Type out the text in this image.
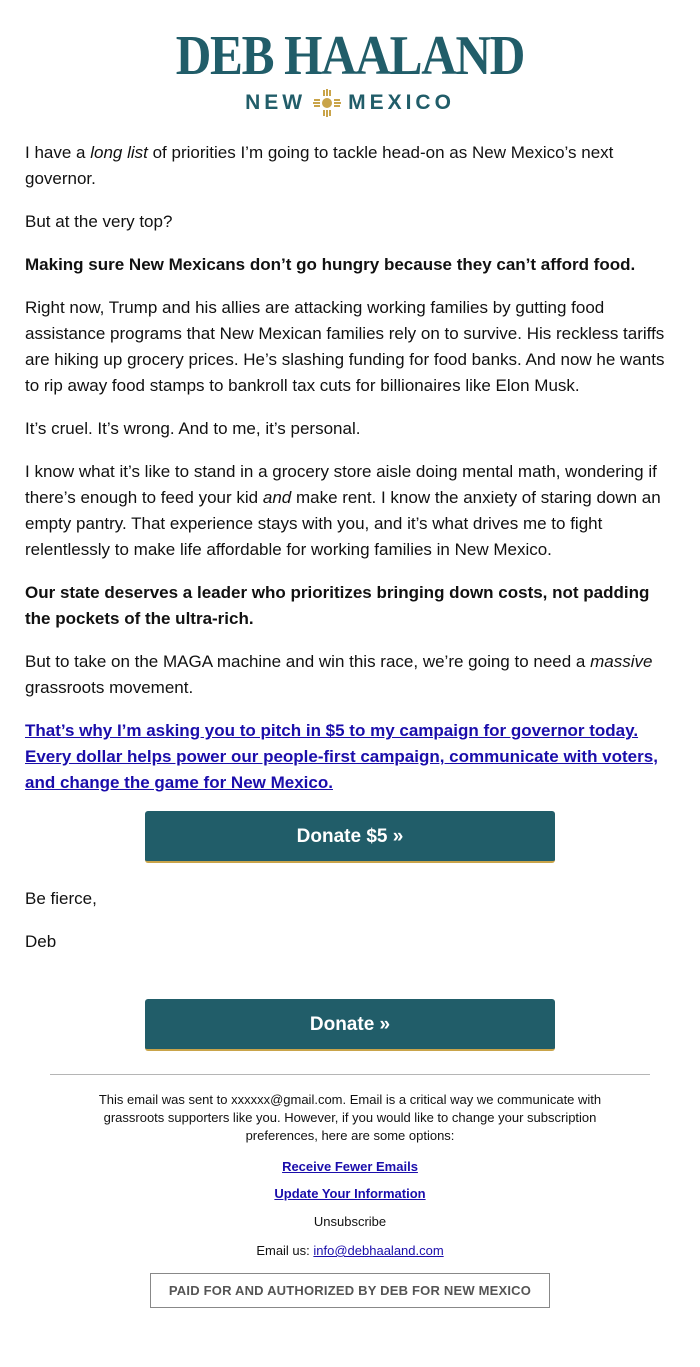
DEB HAALAND
NEW MEXICO

I have a long list of priorities I’m going to tackle head-on as New Mexico’s next governor.

But at the very top?

Making sure New Mexicans don’t go hungry because they can’t afford food.

Right now, Trump and his allies are attacking working families by gutting food assistance programs that New Mexican families rely on to survive. His reckless tariffs are hiking up grocery prices. He’s slashing funding for food banks. And now he wants to rip away food stamps to bankroll tax cuts for billionaires like Elon Musk.

It’s cruel. It’s wrong. And to me, it’s personal.

I know what it’s like to stand in a grocery store aisle doing mental math, wondering if there’s enough to feed your kid and make rent. I know the anxiety of staring down an empty pantry. That experience stays with you, and it’s what drives me to fight relentlessly to make life affordable for working families in New Mexico.

Our state deserves a leader who prioritizes bringing down costs, not padding the pockets of the ultra-rich.

But to take on the MAGA machine and win this race, we’re going to need a massive grassroots movement.

That’s why I’m asking you to pitch in $5 to my campaign for governor today. Every dollar helps power our people-first campaign, communicate with voters, and change the game for New Mexico.

Donate $5 »
Be fierce,
Deb
Donate »
This email was sent to xxxxxx@gmail.com. Email is a critical way we communicate with grassroots supporters like you. However, if you would like to change your subscription preferences, here are some options:
Receive Fewer Emails
Update Your Information
Unsubscribe
Email us: info@debhaaland.com
PAID FOR AND AUTHORIZED BY DEB FOR NEW MEXICO
